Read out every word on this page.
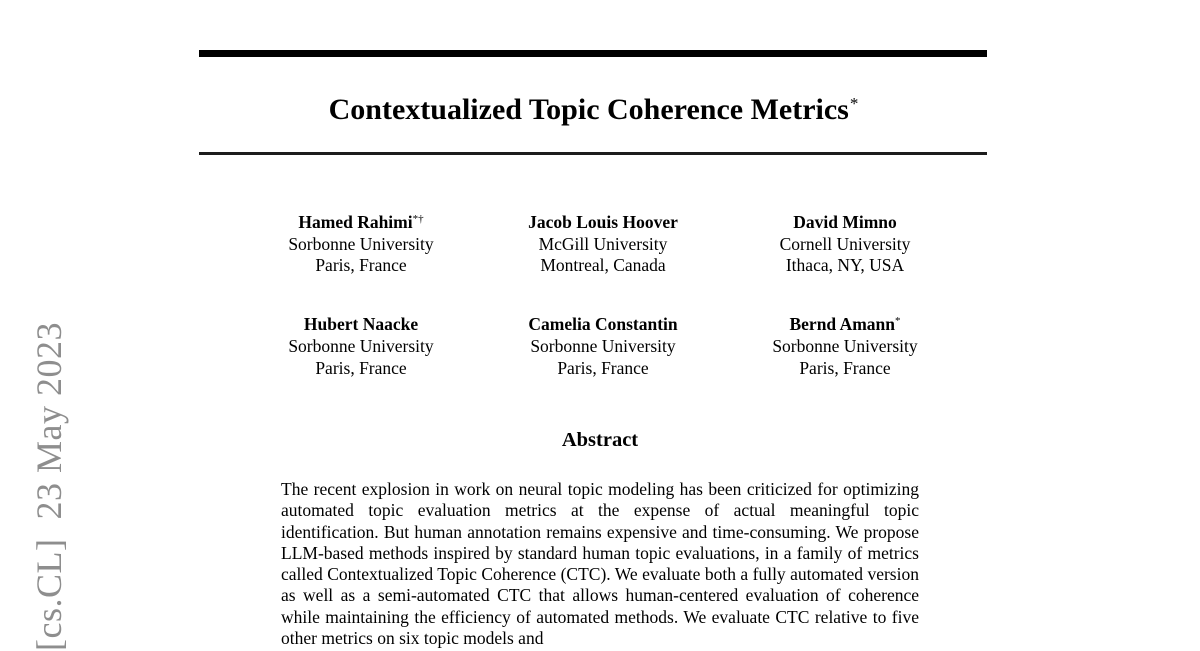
[cs.CL]  23 May 2023
Contextualized Topic Coherence Metrics*
Hamed Rahimi*†
Sorbonne University
Paris, France
Jacob Louis Hoover
McGill University
Montreal, Canada
David Mimno
Cornell University
Ithaca, NY, USA
Hubert Naacke
Sorbonne University
Paris, France
Camelia Constantin
Sorbonne University
Paris, France
Bernd Amann*
Sorbonne University
Paris, France
Abstract
The recent explosion in work on neural topic modeling has been criticized for optimizing automated topic evaluation metrics at the expense of actual meaningful topic identification. But human annotation remains expensive and time-consuming. We propose LLM-based methods inspired by standard human topic evaluations, in a family of metrics called Contextualized Topic Coherence (CTC). We evaluate both a fully automated version as well as a semi-automated CTC that allows human-centered evaluation of coherence while maintaining the efficiency of automated methods. We evaluate CTC relative to five other metrics on six topic models and
